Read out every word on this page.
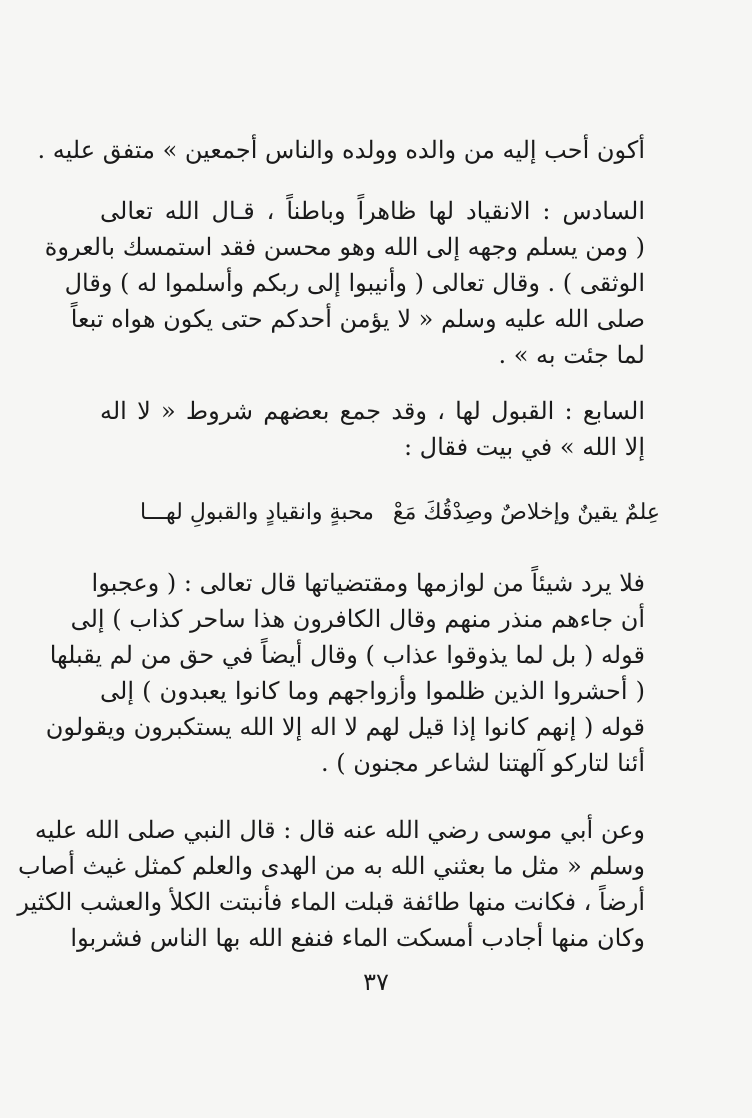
أكون أحب إليه من والده وولده والناس أجمعين » متفق عليه .
السادس : الانقياد لها ظاهراً وباطناً ، قـال الله تعالى
( ومن يسلم وجهه إلى الله وهو محسن فقد استمسك بالعروة
الوثقى ) . وقال تعالى ( وأنيبوا إلى ربكم وأسلموا له ) وقال
صلى الله عليه وسلم « لا يؤمن أحدكم حتى يكون هواه تبعاً
لما جئت به » .
السابع : القبول لها ، وقد جمع بعضهم شروط « لا اله
إلا الله » في بيت فقال :
عِلمٌ يقينٌ وإخلاصٌ وصِدْقُكَ مَعْ
محبةٍ وانقيادٍ والقبولِ لهـــا
فلا يرد شيئاً من لوازمها ومقتضياتها قال تعالى : ( وعجبوا
أن جاءهم منذر منهم وقال الكافرون هذا ساحر كذاب ) إلى
قوله ( بل لما يذوقوا عذاب ) وقال أيضاً في حق من لم يقبلها
( أحشروا الذين ظلموا وأزواجهم وما كانوا يعبدون ) إلى
قوله ( إنهم كانوا إذا قيل لهم لا اله إلا الله يستكبرون ويقولون
أئنا لتاركو آلهتنا لشاعر مجنون ) .
وعن أبي موسى رضي الله عنه قال : قال النبي صلى الله عليه
وسلم « مثل ما بعثني الله به من الهدى والعلم كمثل غيث أصاب
أرضاً ، فكانت منها طائفة قبلت الماء فأنبتت الكلأ والعشب الكثير
وكان منها أجادب أمسكت الماء فنفع الله بها الناس فشربوا
٣٧
